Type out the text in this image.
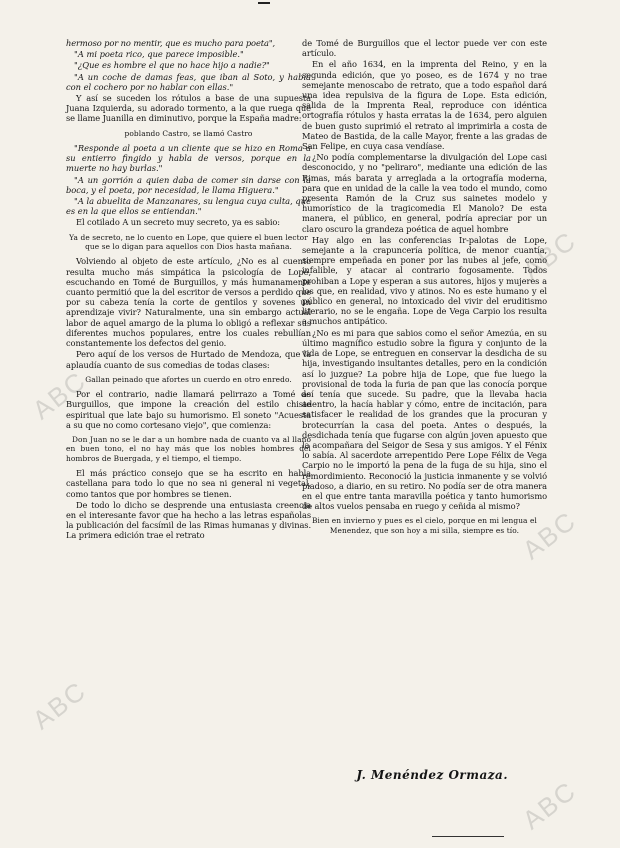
hermoso por no mentir, que es mucho para poeta",

"A mi poeta rico, que parece imposible."

"¿Que es hombre el que no hace hijo a nadie?"

"A un coche de damas feas, que iban al Soto, y había con el cochero por no hablar con ellas."

Y así se suceden los rótulos a base de una supuesta Juana Izquierda, su adorado tormento, a la que ruega que se llame Juanilla en diminutivo, porque la España madre:

poblando Castro, se llamó Castro

"Responde al poeta a un cliente que se hizo en Roma a su entierro fingido y habla de versos, porque en la muerte no hay burlas."

"A un gorrión a quien daba de comer sin darse con la boca, y el poeta, por necesidad, le llama Higuera."

"A la abuelita de Manzanares, su lengua cuya culta, que es en la que ellos se entiendan."

El cotilado A un secreto muy secreto, ya es sabio:

Ya de secreto, ne lo cuento en Lope, que quiere el buen lector que se lo digan para aquellos con Dios hasta mañana.

Volviendo al objeto de este artículo, ¿No es al cuento resulta mucho más simpática la psicología de Lope, escuchando en Tomé de Burguillos, y más humanamente cuanto permitió que la del escritor de versos a perdido que por su cabeza tenía la corte de gentilos y sovenes un aprendizaje vivir? Naturalmente, una sin embargo actual labor de aquel amargo de la pluma lo obligó a reflexar sus diferentes muchos populares, entre los cuales rebullían constantemente los defectos del genio.

Pero aquí de los versos de Hurtado de Mendoza, que la aplaudía cuanto de sus comedias de todas clases:

Gallan peinado que afortes un cuerdo en otro enredo.

Por el contrario, nadie llamará pelirrazo a Tomé de Burguillos, que impone la creación del estilo chiste espiritual que late bajo su humorismo. El soneto "Acuesta a su que no como cortesano viejo", que comienza:

Don Juan no se le dar a un hombre nada de cuanto va al llano en buen tono, el no hay más que los nobles hombres del hombros de Buergada, y el tiempo, el tiempo.

El más práctico consejo que se ha escrito en habla castellana para todo lo que no sea ni general ni vegetal, como tantos que por hombres se tienen.

De todo lo dicho se desprende una entusiasta creencia en el interesante favor que ha hecho a las letras españolas la publicación del facsímil de las Rimas humanas y divinas. La primera edición trae el retrato

de Tomé de Burguillos que el lector puede ver con este artículo.

En el año 1634, en la imprenta del Reino, y en la segunda edición, que yo poseo, es de 1674 y no trae semejante menoscabo de retrato, que a todo español dará una idea repulsiva de la figura de Lope. Esta edición, salida de la Imprenta Real, reproduce con idéntica ortografía rótulos y hasta erratas la de 1634, pero alguien de buen gusto suprimió el retrato al imprimirla a costa de Mateo de Bastida, de la calle Mayor, frente a las gradas de San Felipe, en cuya casa vendíase.

¿No podía complementarse la divulgación del Lope casi desconocido, y no "peliraro", mediante una edición de las Rimas, más barata y arreglada a la ortografía moderna, para que en unidad de la calle la vea todo el mundo, como presenta Ramón de la Cruz sus sainetes modelo y humorístico de la tragicomedia El Manolo? De esta manera, el público, en general, podría apreciar por un claro oscuro la grandeza poética de aquel hombre

Hay algo en las conferencias Ir-palotas de Lope, semejante a la crapuncería política, de menor cuantía, siempre empeñada en poner por las nubes al jefe, como infalible, y atacar al contrario fogosamente. Todos prohiban a Lope y esperan a sus autores, hijos y mujeres a los que, en realidad, vivo y atinos. No es este humano y el público en general, no intoxicado del vivir del eruditismo literario, no se le engaña. Lope de Vega Carpio los resulta a muchos antipático.

¿No es mi para que sabios como el señor Amezúa, en su último magnífico estudio sobre la figura y conjunto de la vida de Lope, se entreguen en conservar la desdicha de su hija, investigando insultantes detalles, pero en la condición así lo juzgue? La pobre hija de Lope, que fue luego la provisional de toda la furia de pan que las conocía porque así tenía que sucede. Su padre, que la llevaba hacia adentro, la hacía hablar y cómo, entre de incitación, para satisfacer le realidad de los grandes que la procuran y brotecurrían la casa del poeta. Antes o después, la desdichada tenía que fugarse con algún joven apuesto que la acompañara del Seigor de Sesa y sus amigos. Y el Fénix lo sabía. Al sacerdote arrepentido Pere Lope Félix de Vega Carpio no le importó la pena de la fuga de su hija, sino el remordimiento. Reconoció la justicia inmanente y se volvió piadoso, a diario, en su retiro. No podía ser de otra manera en el que entre tanta maravilla poética y tanto humorismo de altos vuelos pensaba en ruego y ceñida al mismo?

Bien en invierno y pues es el cielo, porque en mi lengua el Menendez, que son hoy a mi silla, siempre es tío.

J. Menéndez Ormaza.
ABC
ABC
ABC
ABC
ABC
